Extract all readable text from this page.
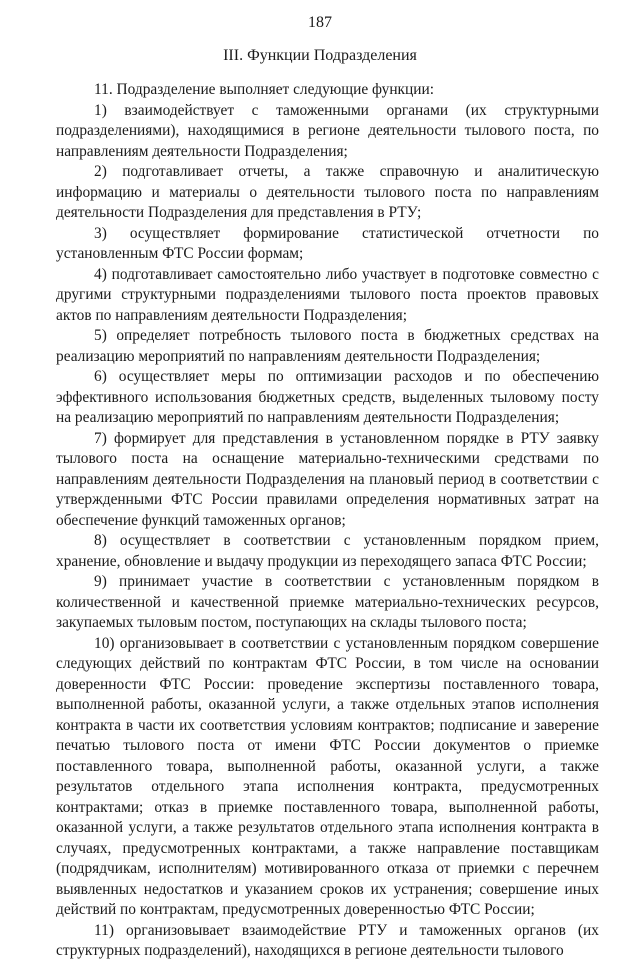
187
III. Функции Подразделения

11. Подразделение выполняет следующие функции:

1) взаимодействует с таможенными органами (их структурными подразделениями), находящимися в регионе деятельности тылового поста, по направлениям деятельности Подразделения;

2) подготавливает отчеты, а также справочную и аналитическую информацию и материалы о деятельности тылового поста по направлениям деятельности Подразделения для представления в РТУ;

3) осуществляет формирование статистической отчетности по установленным ФТС России формам;

4) подготавливает самостоятельно либо участвует в подготовке совместно с другими структурными подразделениями тылового поста проектов правовых актов по направлениям деятельности Подразделения;

5) определяет потребность тылового поста в бюджетных средствах на реализацию мероприятий по направлениям деятельности Подразделения;

6) осуществляет меры по оптимизации расходов и по обеспечению эффективного использования бюджетных средств, выделенных тыловому посту на реализацию мероприятий по направлениям деятельности Подразделения;

7) формирует для представления в установленном порядке в РТУ заявку тылового поста на оснащение материально-техническими средствами по направлениям деятельности Подразделения на плановый период в соответствии с утвержденными ФТС России правилами определения нормативных затрат на обеспечение функций таможенных органов;

8) осуществляет в соответствии с установленным порядком прием, хранение, обновление и выдачу продукции из переходящего запаса ФТС России;

9) принимает участие в соответствии с установленным порядком в количественной и качественной приемке материально-технических ресурсов, закупаемых тыловым постом, поступающих на склады тылового поста;

10) организовывает в соответствии с установленным порядком совершение следующих действий по контрактам ФТС России, в том числе на основании доверенности ФТС России: проведение экспертизы поставленного товара, выполненной работы, оказанной услуги, а также отдельных этапов исполнения контракта в части их соответствия условиям контрактов; подписание и заверение печатью тылового поста от имени ФТС России документов о приемке поставленного товара, выполненной работы, оказанной услуги, а также результатов отдельного этапа исполнения контракта, предусмотренных контрактами; отказ в приемке поставленного товара, выполненной работы, оказанной услуги, а также результатов отдельного этапа исполнения контракта в случаях, предусмотренных контрактами, а также направление поставщикам (подрядчикам, исполнителям) мотивированного отказа от приемки с перечнем выявленных недостатков и указанием сроков их устранения; совершение иных действий по контрактам, предусмотренных доверенностью ФТС России;

11) организовывает взаимодействие РТУ и таможенных органов (их структурных подразделений), находящихся в регионе деятельности тылового
